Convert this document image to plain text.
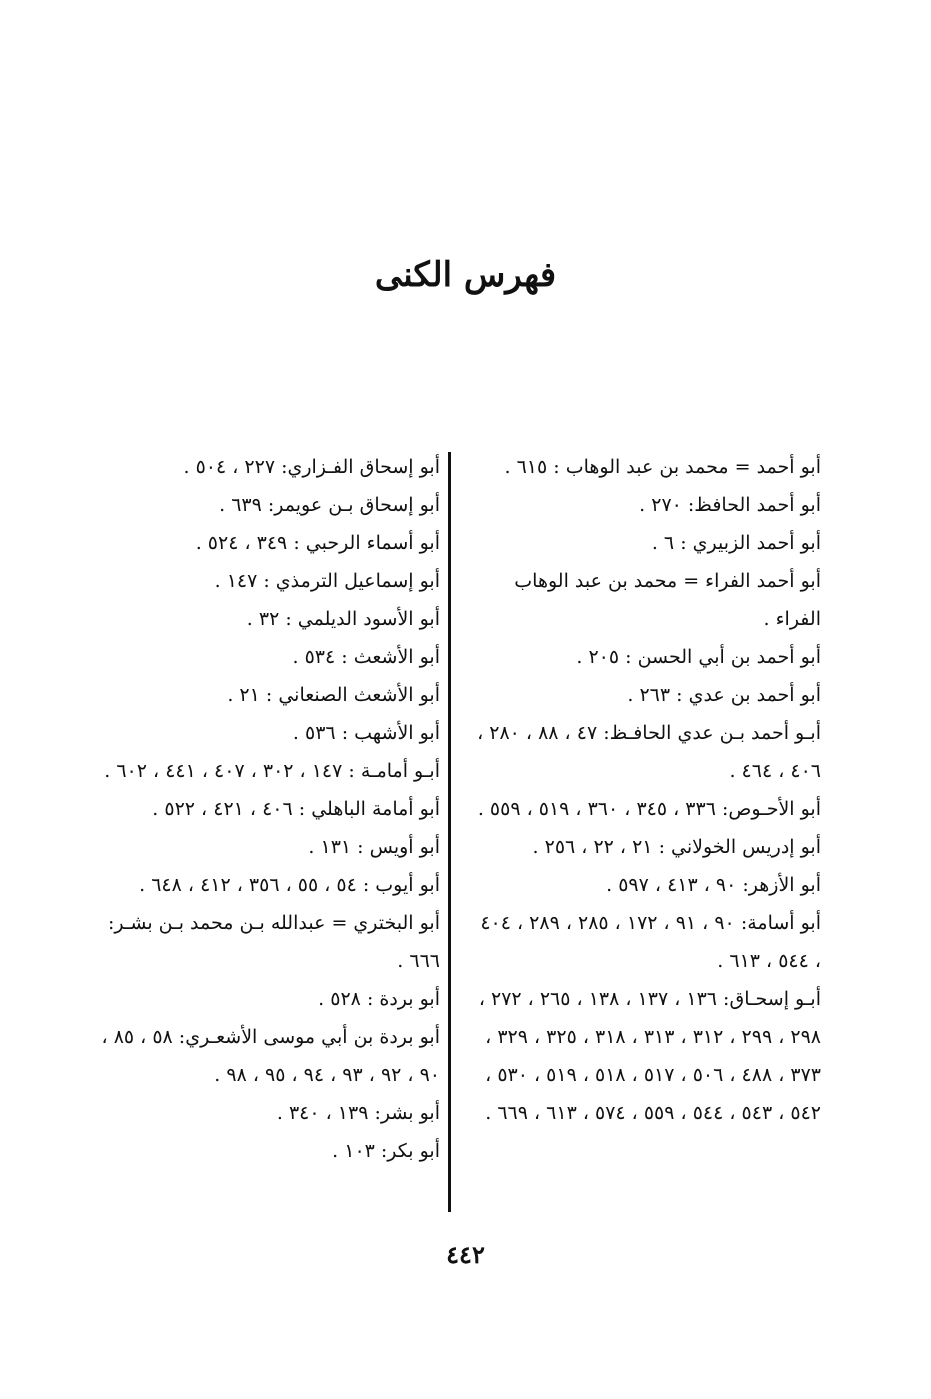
فهرس الكنى
أبو أحمد = محمد بن عبد الوهاب : ٦١٥ .
أبو أحمد الحافظ: ٢٧٠ .
أبو أحمد الزبيري : ٦ .
أبو أحمد الفراء = محمد بن عبد الوهاب الفراء .
أبو أحمد بن أبي الحسن : ٢٠٥ .
أبو أحمد بن عدي : ٢٦٣ .
أبـو أحمد بـن عدي الحافـظ: ٤٧ ، ٨٨ ، ٢٨٠ ، ٤٠٦ ، ٤٦٤ .
أبو الأحـوص: ٣٣٦ ، ٣٤٥ ، ٣٦٠ ، ٥١٩ ، ٥٥٩ .
أبو إدريس الخولاني : ٢١ ، ٢٢ ، ٢٥٦ .
أبو الأزهر: ٩٠ ، ٤١٣ ، ٥٩٧ .
أبو أسامة: ٩٠ ، ٩١ ، ١٧٢ ، ٢٨٥ ، ٢٨٩ ، ٤٠٤ ، ٥٤٤ ، ٦١٣ .
أبـو إسحـاق: ١٣٦ ، ١٣٧ ، ١٣٨ ، ٢٦٥ ، ٢٧٢ ، ٢٩٨ ، ٢٩٩ ، ٣١٢ ، ٣١٣ ، ٣١٨ ، ٣٢٥ ، ٣٢٩ ، ٣٧٣ ، ٤٨٨ ، ٥٠٦ ، ٥١٧ ، ٥١٨ ، ٥١٩ ، ٥٣٠ ، ٥٤٢ ، ٥٤٣ ، ٥٤٤ ، ٥٥٩ ، ٥٧٤ ، ٦١٣ ، ٦٦٩ .
أبو إسحاق الفـزاري: ٢٢٧ ، ٥٠٤ .
أبو إسحاق بـن عويمر: ٦٣٩ .
أبو أسماء الرحبي : ٣٤٩ ، ٥٢٤ .
أبو إسماعيل الترمذي : ١٤٧ .
أبو الأسود الديلمي : ٣٢ .
أبو الأشعث : ٥٣٤ .
أبو الأشعث الصنعاني : ٢١ .
أبو الأشهب : ٥٣٦ .
أبـو أمامـة : ١٤٧ ، ٣٠٢ ، ٤٠٧ ، ٤٤١ ، ٦٠٢ .
أبو أمامة الباهلي : ٤٠٦ ، ٤٢١ ، ٥٢٢ .
أبو أويس : ١٣١ .
أبو أيوب : ٥٤ ، ٥٥ ، ٣٥٦ ، ٤١٢ ، ٦٤٨ .
أبو البختري = عبدالله بـن محمد بـن بشـر: ٦٦٦ .
أبو بردة : ٥٢٨ .
أبو بردة بن أبي موسى الأشعـري: ٥٨ ، ٨٥ ، ٩٠ ، ٩٢ ، ٩٣ ، ٩٤ ، ٩٥ ، ٩٨ .
أبو بشر: ١٣٩ ، ٣٤٠ .
أبو بكر: ١٠٣ .
٤٤٢
